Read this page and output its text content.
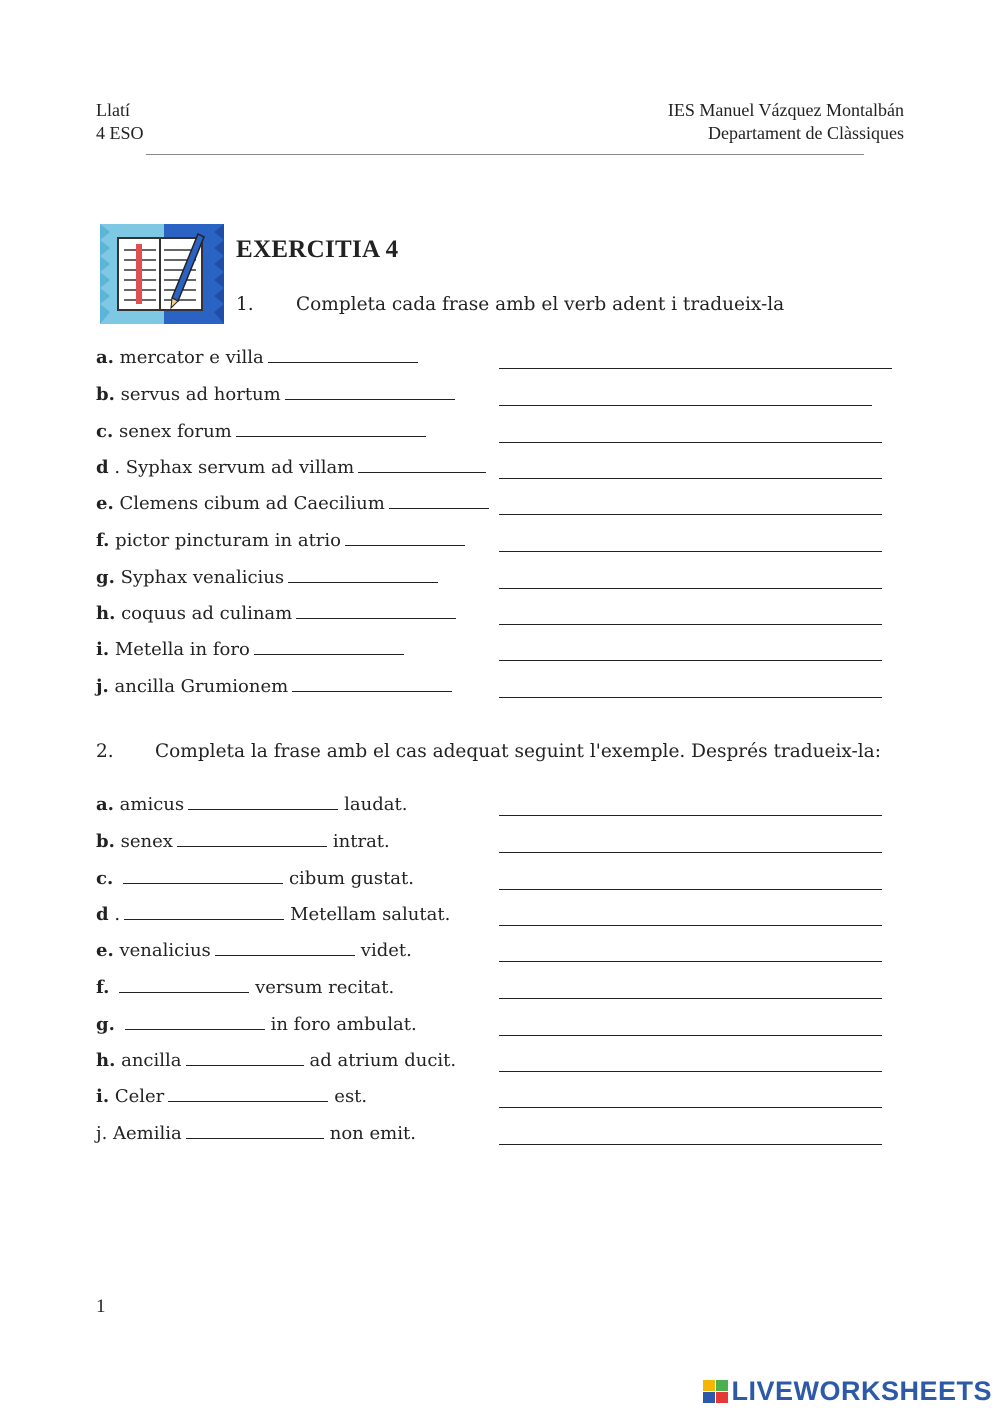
Llatí
4 ESO
IES Manuel Vázquez Montalbán
Departament de Clàssiques
EXERCITIA 4
1. Completa cada frase amb el verb adent i tradueix-la
a. mercator e villa
b. servus ad hortum
c. senex forum
d . Syphax servum ad villam
e. Clemens cibum ad Caecilium
f. pictor pincturam in atrio
g. Syphax venalicius
h. coquus ad culinam
i. Metella in foro
j. ancilla Grumionem
2. Completa la frase amb el cas adequat seguint l'exemple. Després tradueix-la:
a. amicus	laudat.
b. senex	intrat.
c.	cibum gustat.
d .	Metellam salutat.
e. venalicius	videt.
f.	versum recitat.
g.	in foro ambulat.
h. ancilla	ad atrium ducit.
i. Celer	est.
j. Aemilia	non emit.
1
LIVEWORKSHEETS
